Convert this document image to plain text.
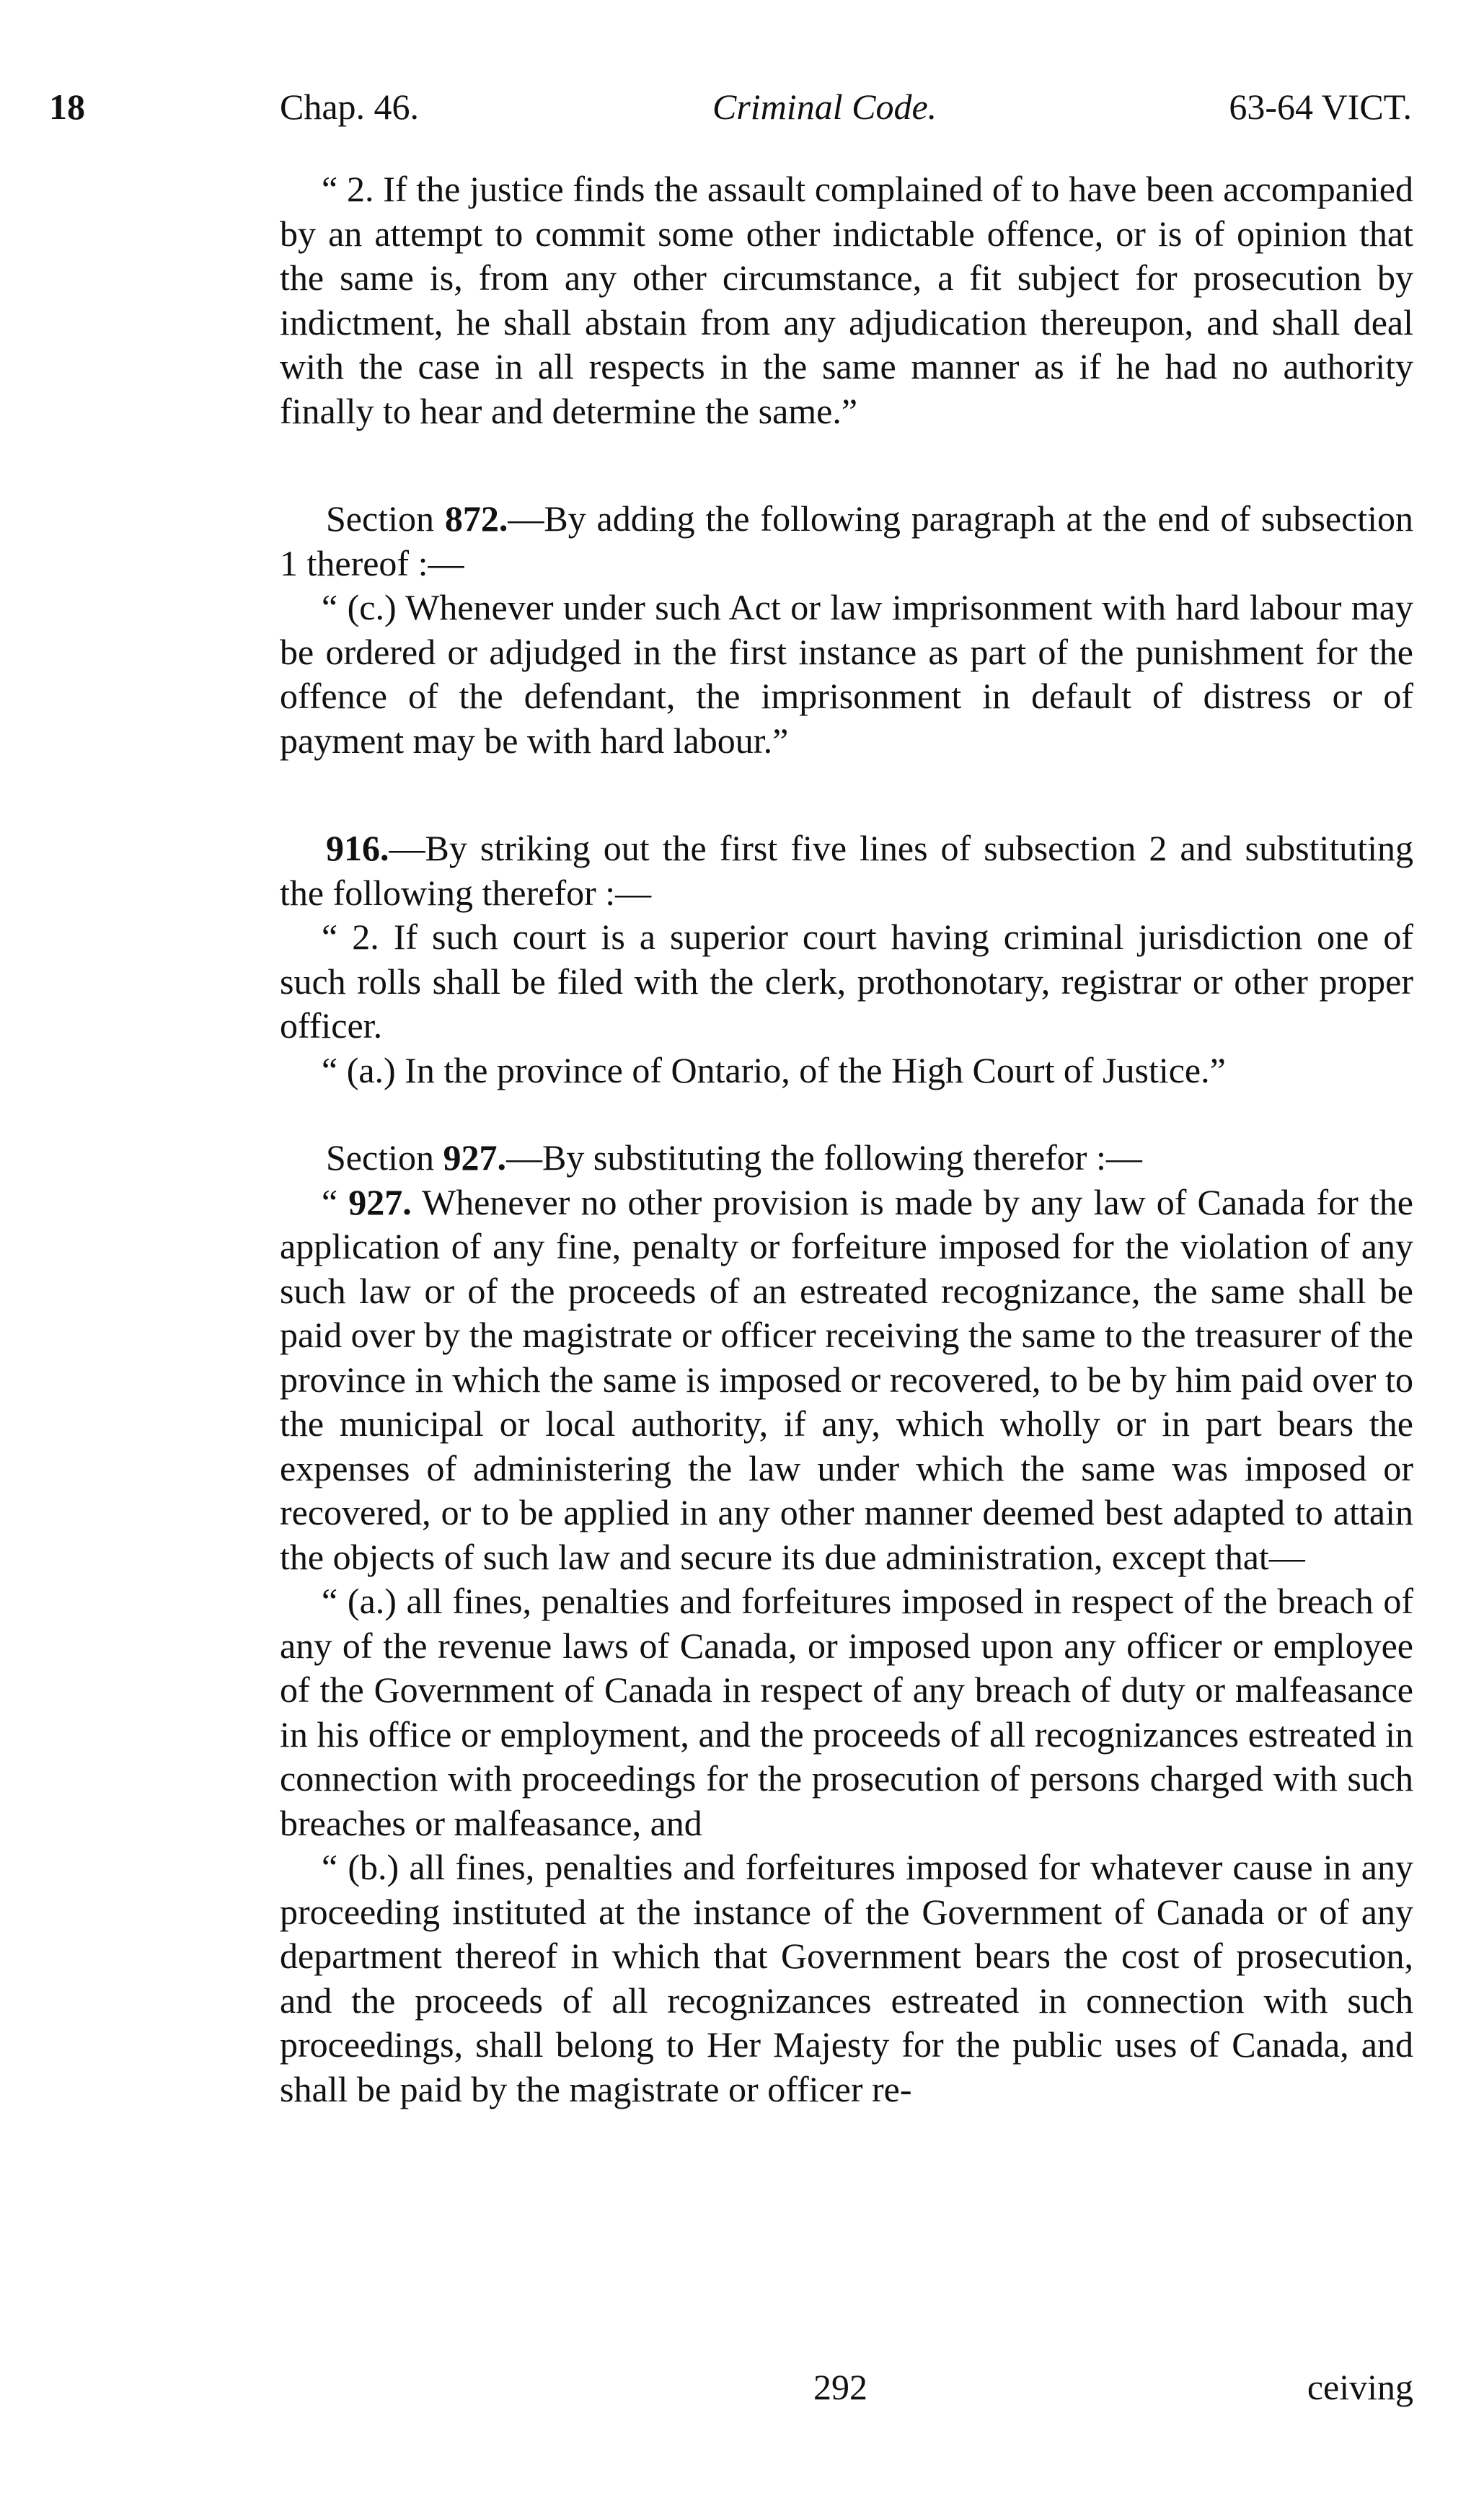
18	Chap. 46.	Criminal Code.	63-64 VICT.

“ 2. If the justice finds the assault complained of to have been accompanied by an attempt to commit some other indictable offence, or is of opinion that the same is, from any other circumstance, a fit subject for prosecution by indictment, he shall abstain from any adjudication thereupon, and shall deal with the case in all respects in the same manner as if he had no authority finally to hear and determine the same.”

Section 872.—By adding the following paragraph at the end of subsection 1 thereof :—

“ (c.) Whenever under such Act or law imprisonment with hard labour may be ordered or adjudged in the first instance as part of the punishment for the offence of the defendant, the imprisonment in default of distress or of payment may be with hard labour.”

916.—By striking out the first five lines of subsection 2 and substituting the following therefor :—

“ 2. If such court is a superior court having criminal jurisdiction one of such rolls shall be filed with the clerk, prothonotary, registrar or other proper officer.

“ (a.) In the province of Ontario, of the High Court of Justice.”

Section 927.—By substituting the following therefor :—

“ 927. Whenever no other provision is made by any law of Canada for the application of any fine, penalty or forfeiture imposed for the violation of any such law or of the proceeds of an estreated recognizance, the same shall be paid over by the magistrate or officer receiving the same to the treasurer of the province in which the same is imposed or recovered, to be by him paid over to the municipal or local authority, if any, which wholly or in part bears the expenses of administering the law under which the same was imposed or recovered, or to be applied in any other manner deemed best adapted to attain the objects of such law and secure its due administration, except that—

“ (a.) all fines, penalties and forfeitures imposed in respect of the breach of any of the revenue laws of Canada, or imposed upon any officer or employee of the Government of Canada in respect of any breach of duty or malfeasance in his office or employment, and the proceeds of all recognizances estreated in connection with proceedings for the prosecution of persons charged with such breaches or malfeasance, and

“ (b.) all fines, penalties and forfeitures imposed for whatever cause in any proceeding instituted at the instance of the Government of Canada or of any department thereof in which that Government bears the cost of prosecution, and the proceeds of all recognizances estreated in connection with such proceedings, shall belong to Her Majesty for the public uses of Canada, and shall be paid by the magistrate or officer re-

292	ceiving
